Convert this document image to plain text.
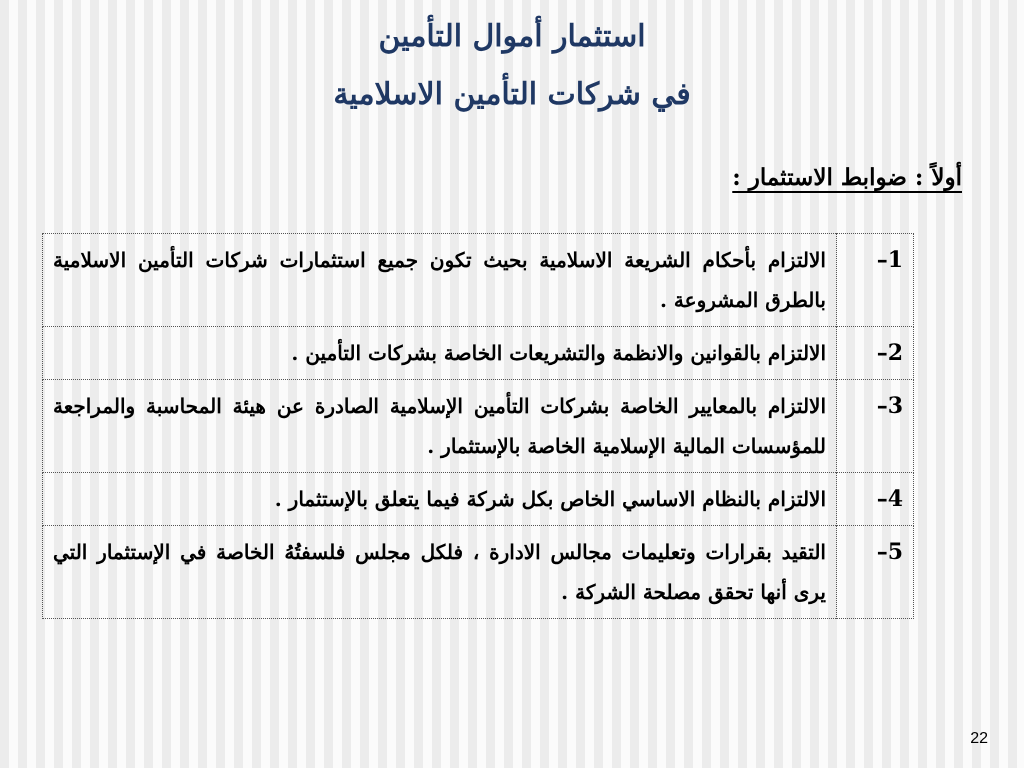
استثمار أموال التأمين
في شركات التأمين الاسلامية
أولاً : ضوابط الاستثمار :
1–	الالتزام بأحكام الشريعة الاسلامية بحيث تكون جميع استثمارات شركات التأمين الاسلامية بالطرق المشروعة .
2–	الالتزام بالقوانين والانظمة والتشريعات الخاصة بشركات التأمين .
3–	الالتزام بالمعايير الخاصة بشركات التأمين الإسلامية الصادرة عن هيئة المحاسبة والمراجعة للمؤسسات المالية الإسلامية الخاصة بالإستثمار .
4–	الالتزام بالنظام الاساسي الخاص بكل شركة فيما يتعلق بالإستثمار .
5–	التقيد بقرارات وتعليمات مجالس الادارة ، فلكل مجلس فلسفتُهُ الخاصة في الإستثمار التي يرى أنها تحقق مصلحة الشركة .
22
